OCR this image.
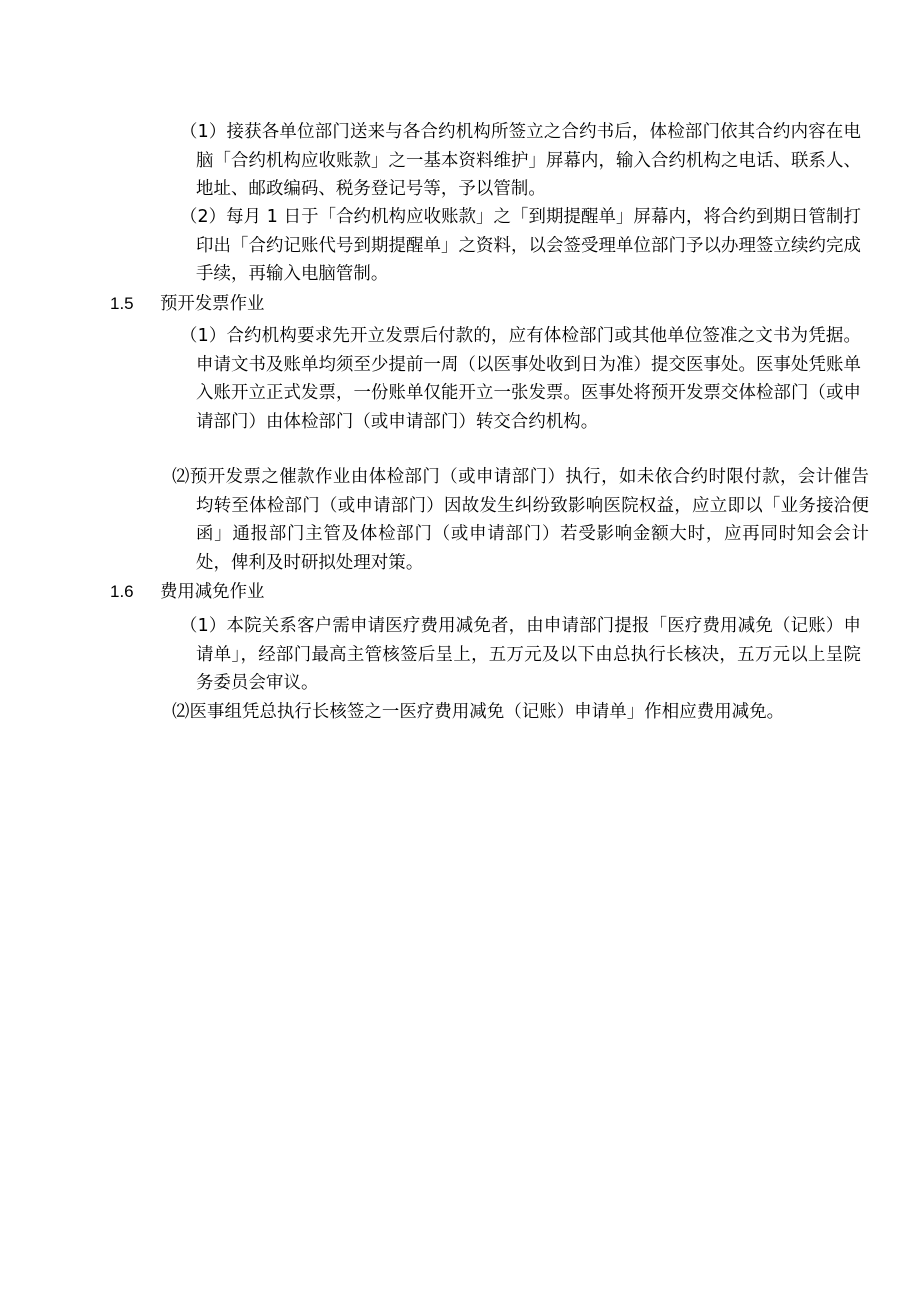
（1）接获各单位部门送来与各合约机构所签立之合约书后，体检部门依其合约内容在电脑「合约机构应收账款」之一基本资料维护」屏幕内，输入合约机构之电话、联系人、地址、邮政编码、税务登记号等，予以管制。
（2）每月 1 日于「合约机构应收账款」之「到期提醒单」屏幕内，将合约到期日管制打印出「合约记账代号到期提醒单」之资料，以会签受理单位部门予以办理签立续约完成手续，再输入电脑管制。
1.5 预开发票作业
（1）合约机构要求先开立发票后付款的，应有体检部门或其他单位签准之文书为凭据。申请文书及账单均须至少提前一周（以医事处收到日为准）提交医事处。医事处凭账单入账开立正式发票，一份账单仅能开立一张发票。医事处将预开发票交体检部门（或申请部门）由体检部门（或申请部门）转交合约机构。
⑵预开发票之催款作业由体检部门（或申请部门）执行，如未依合约时限付款，会计催告均转至体检部门（或申请部门）因故发生纠纷致影响医院权益，应立即以「业务接洽便函」通报部门主管及体检部门（或申请部门）若受影响金额大时，应再同时知会会计处，俾利及时研拟处理对策。
1.6 费用减免作业
（1）本院关系客户需申请医疗费用减免者，由申请部门提报「医疗费用减免（记账）申请单」，经部门最高主管核签后呈上，五万元及以下由总执行长核决，五万元以上呈院务委员会审议。
⑵医事组凭总执行长核签之一医疗费用减免（记账）申请单」作相应费用减免。
